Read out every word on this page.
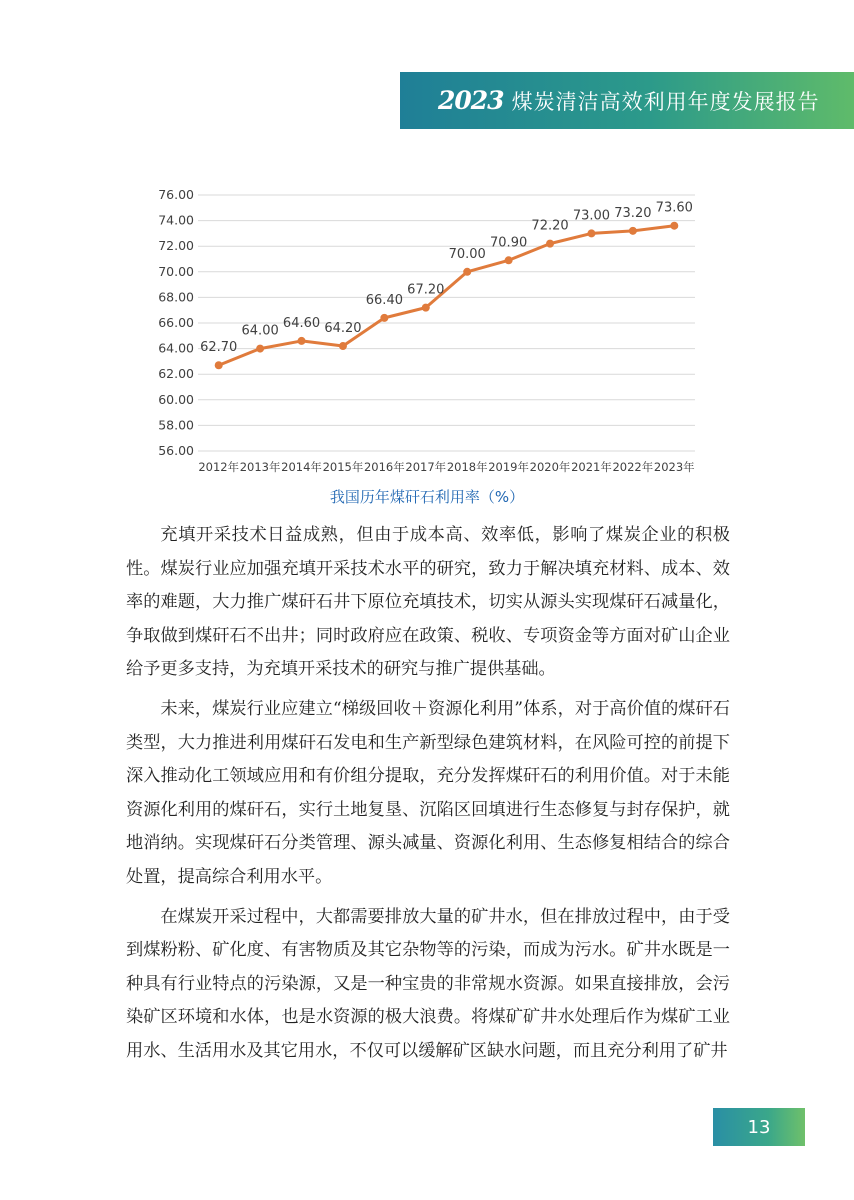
2023 煤炭清洁高效利用年度发展报告
56.00
58.00
60.00
62.00
64.00
66.00
68.00
70.00
72.00
74.00
76.00
2012年 2013年 2014年 2015年 2016年 2017年 2018年 2019年 2020年 2021年 2022年 2023年
62.70
64.00
64.60 64.20
66.40
67.20
70.00
70.90
72.20
73.00 73.20 73.60
我国历年煤矸石利用率（%）

充填开采技术日益成熟，但由于成本高、效率低，影响了煤炭企业的积极性。煤炭行业应加强充填开采技术水平的研究，致力于解决填充材料、成本、效率的难题，大力推广煤矸石井下原位充填技术，切实从源头实现煤矸石减量化，争取做到煤矸石不出井；同时政府应在政策、税收、专项资金等方面对矿山企业给予更多支持，为充填开采技术的研究与推广提供基础。

未来，煤炭行业应建立“梯级回收＋资源化利用”体系，对于高价值的煤矸石类型，大力推进利用煤矸石发电和生产新型绿色建筑材料，在风险可控的前提下深入推动化工领域应用和有价组分提取，充分发挥煤矸石的利用价值。对于未能资源化利用的煤矸石，实行土地复垦、沉陷区回填进行生态修复与封存保护，就地消纳。实现煤矸石分类管理、源头减量、资源化利用、生态修复相结合的综合处置，提高综合利用水平。

在煤炭开采过程中，大都需要排放大量的矿井水，但在排放过程中，由于受到煤粉粉、矿化度、有害物质及其它杂物等的污染，而成为污水。矿井水既是一种具有行业特点的污染源，又是一种宝贵的非常规水资源。如果直接排放，会污染矿区环境和水体，也是水资源的极大浪费。将煤矿矿井水处理后作为煤矿工业用水、生活用水及其它用水，不仅可以缓解矿区缺水问题，而且充分利用了矿井

13
